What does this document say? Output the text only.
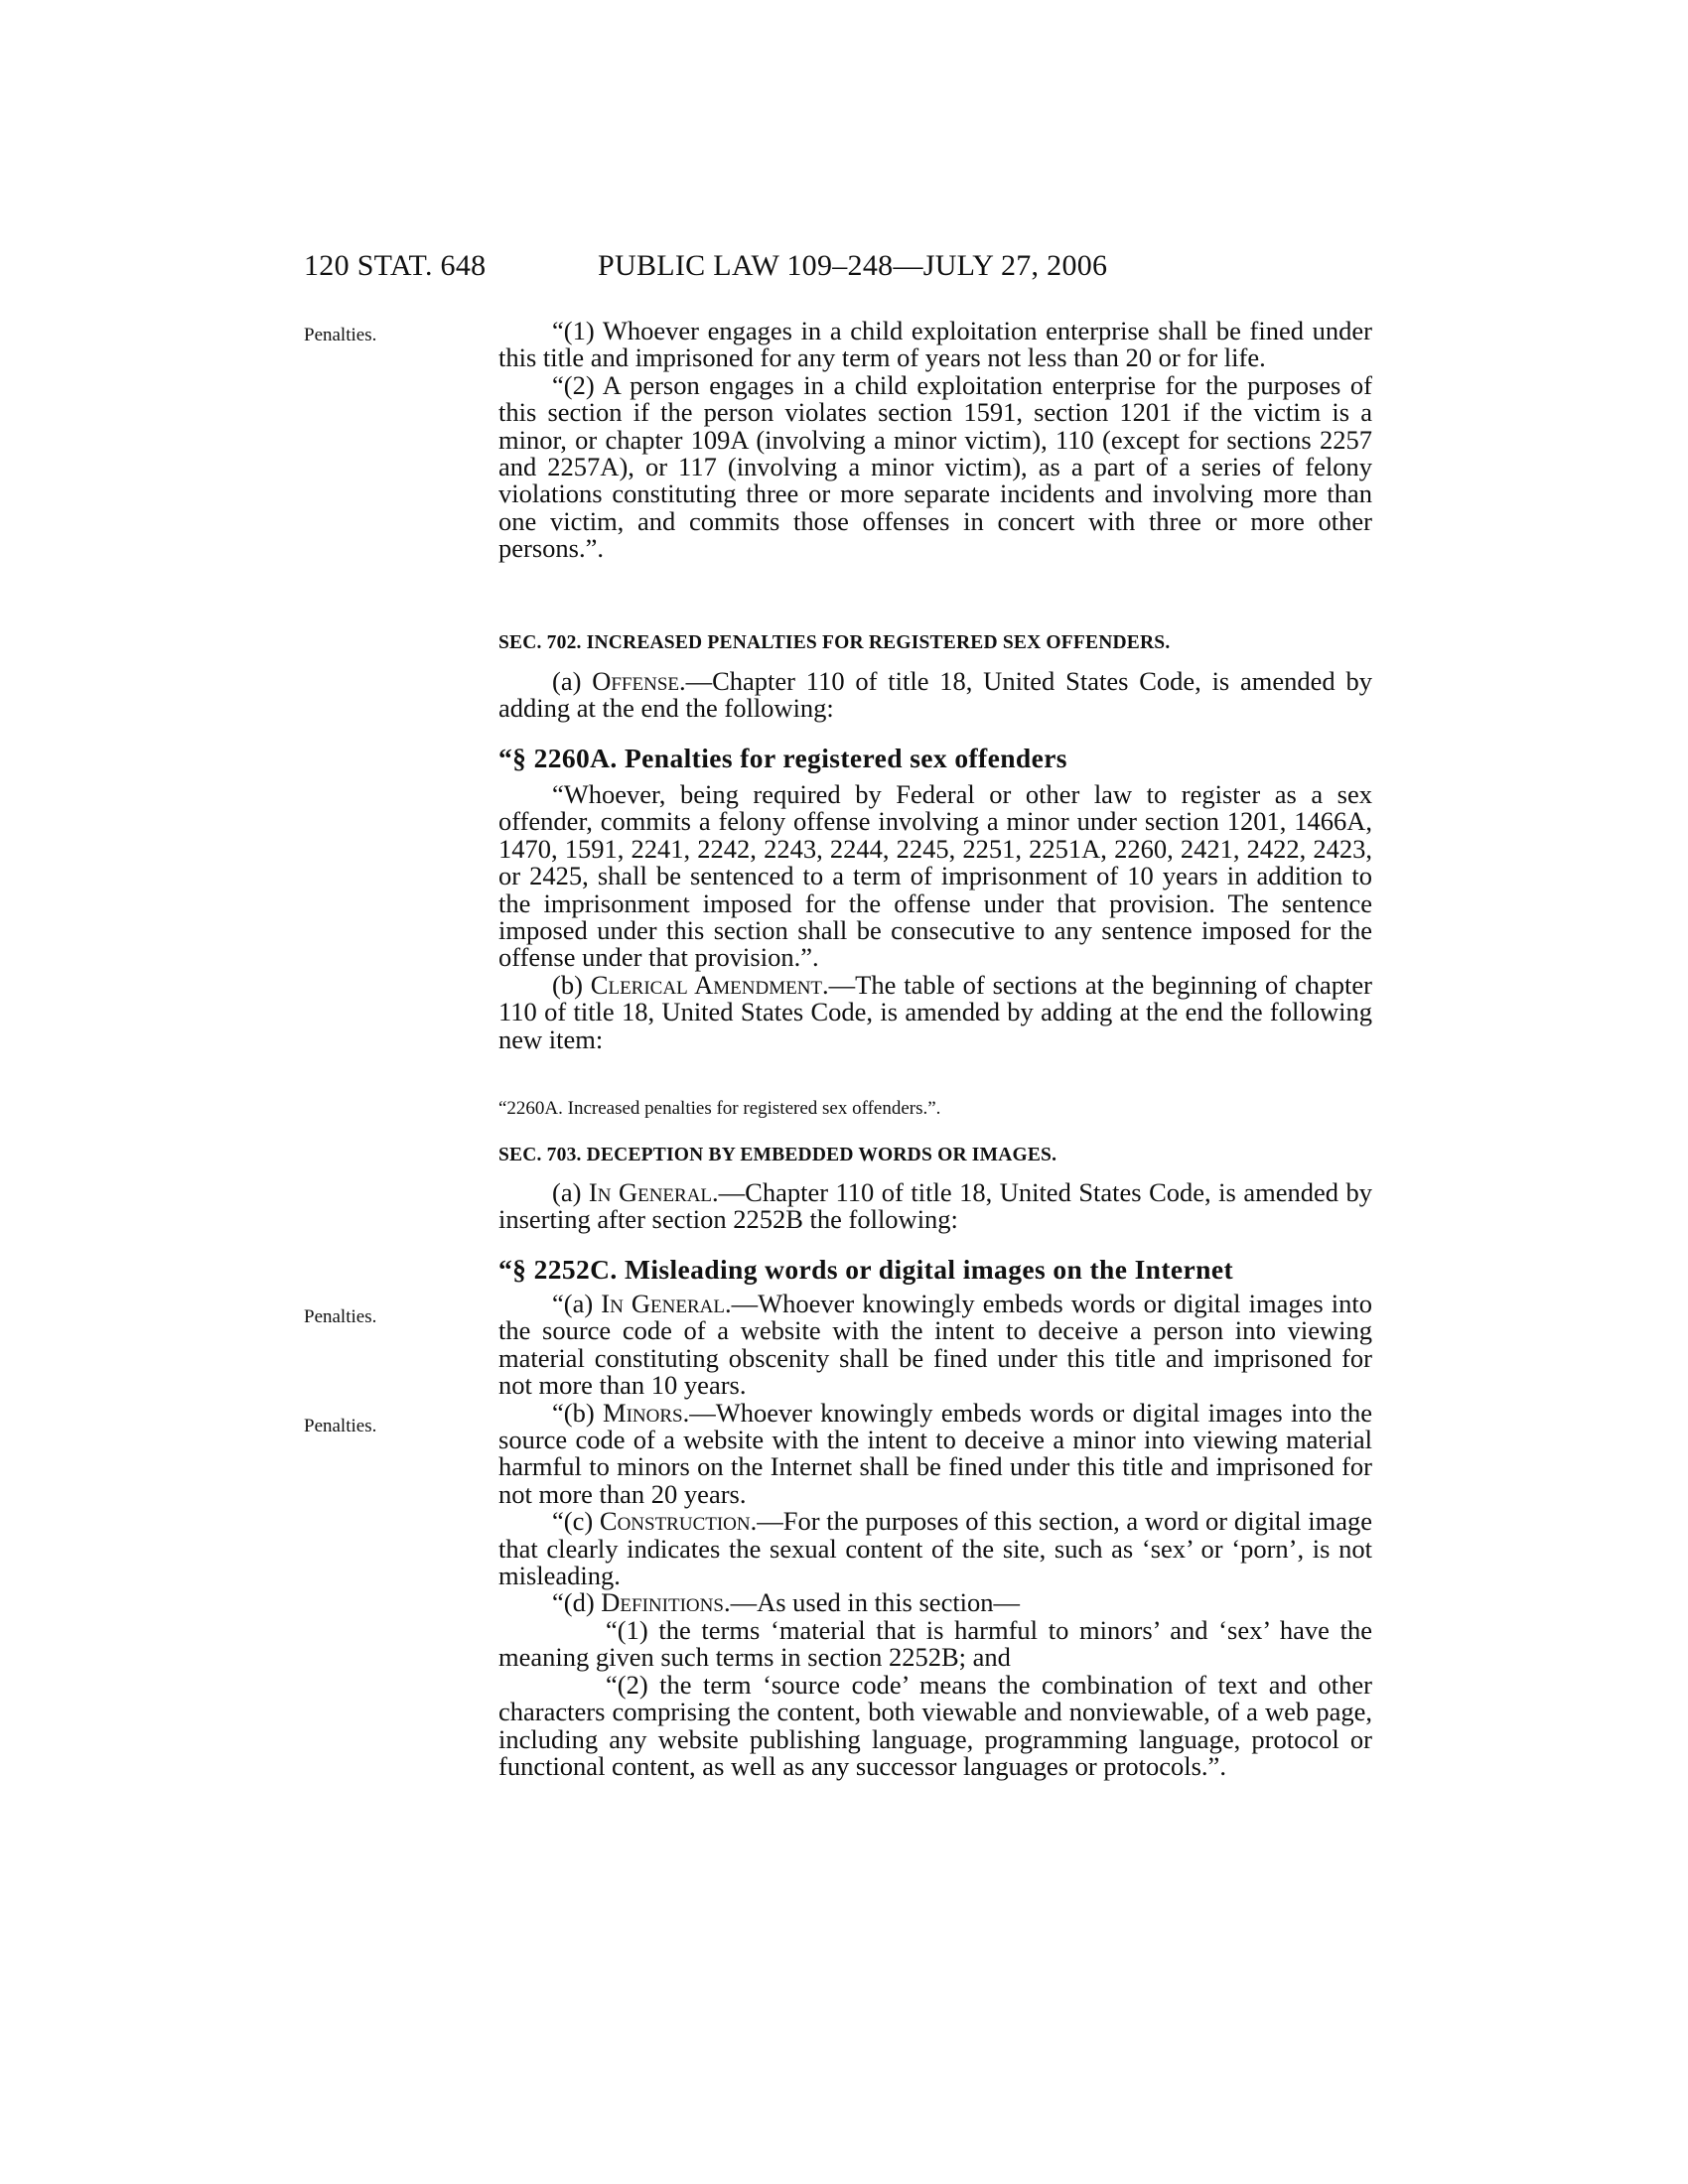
120 STAT. 648	PUBLIC LAW 109–248—JULY 27, 2006
Penalties.
Penalties.
Penalties.

“(1) Whoever engages in a child exploitation enterprise shall be fined under this title and imprisoned for any term of years not less than 20 or for life.

“(2) A person engages in a child exploitation enterprise for the purposes of this section if the person violates section 1591, section 1201 if the victim is a minor, or chapter 109A (involving a minor victim), 110 (except for sections 2257 and 2257A), or 117 (involving a minor victim), as a part of a series of felony violations constituting three or more separate incidents and involving more than one victim, and commits those offenses in concert with three or more other persons.”.

SEC. 702. INCREASED PENALTIES FOR REGISTERED SEX OFFENDERS.

(a) Offense.—Chapter 110 of title 18, United States Code, is amended by adding at the end the following:

“§ 2260A. Penalties for registered sex offenders

“Whoever, being required by Federal or other law to register as a sex offender, commits a felony offense involving a minor under section 1201, 1466A, 1470, 1591, 2241, 2242, 2243, 2244, 2245, 2251, 2251A, 2260, 2421, 2422, 2423, or 2425, shall be sentenced to a term of imprisonment of 10 years in addition to the imprisonment imposed for the offense under that provision. The sentence imposed under this section shall be consecutive to any sentence imposed for the offense under that provision.”.

(b) Clerical Amendment.—The table of sections at the beginning of chapter 110 of title 18, United States Code, is amended by adding at the end the following new item:

“2260A. Increased penalties for registered sex offenders.”.
SEC. 703. DECEPTION BY EMBEDDED WORDS OR IMAGES.

(a) In General.—Chapter 110 of title 18, United States Code, is amended by inserting after section 2252B the following:

“§ 2252C. Misleading words or digital images on the Internet

“(a) In General.—Whoever knowingly embeds words or digital images into the source code of a website with the intent to deceive a person into viewing material constituting obscenity shall be fined under this title and imprisoned for not more than 10 years.

“(b) Minors.—Whoever knowingly embeds words or digital images into the source code of a website with the intent to deceive a minor into viewing material harmful to minors on the Internet shall be fined under this title and imprisoned for not more than 20 years.

“(c) Construction.—For the purposes of this section, a word or digital image that clearly indicates the sexual content of the site, such as ‘sex’ or ‘porn’, is not misleading.

“(d) Definitions.—As used in this section—

“(1) the terms ‘material that is harmful to minors’ and ‘sex’ have the meaning given such terms in section 2252B; and

“(2) the term ‘source code’ means the combination of text and other characters comprising the content, both viewable and nonviewable, of a web page, including any website publishing language, programming language, protocol or functional content, as well as any successor languages or protocols.”.
